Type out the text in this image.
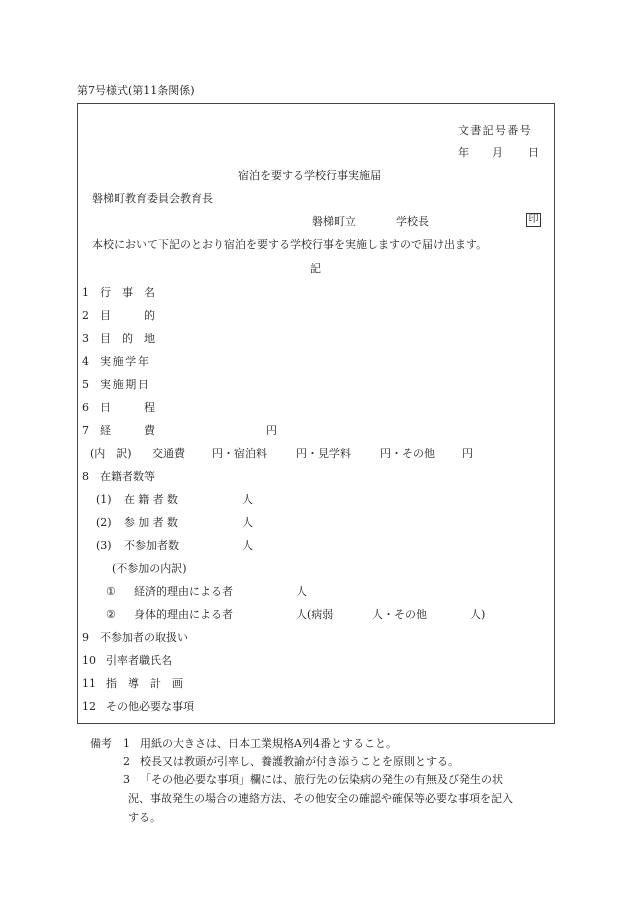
第7号様式(第11条関係)
文書記号番号
年 月 日
宿泊を要する学校行事実施届
磐梯町教育委員会教育長
磐梯町立	学校長	印
本校において下記のとおり宿泊を要する学校行事を実施しますので届け出ます。
記
1 行　事　名
2 目　　　的
3 目　的　地
4 実施学年
5 実施期日
6 日　　　程
7 経　　　費	円
(内　訳) 交通費 円・宿泊料	円・見学料	円・その他 円
8 在籍者数等
(1) 在籍者数	人
(2) 参加者数	人
(3) 不参加者数	人
(不参加の内訳)
① 経済的理由による者	人
② 身体的理由による者	人(病弱	人・その他	人)
9 不参加者の取扱い
10 引率者職氏名
11 指　導　計　画
12 その他必要な事項
備考 1 用紙の大きさは、日本工業規格A列4番とすること。
2 校長又は教頭が引率し、養護教諭が付き添うことを原則とする。
3 「その他必要な事項」欄には、旅行先の伝染病の発生の有無及び発生の状
況、事故発生の場合の連絡方法、その他安全の確認や確保等必要な事項を記入
する。
